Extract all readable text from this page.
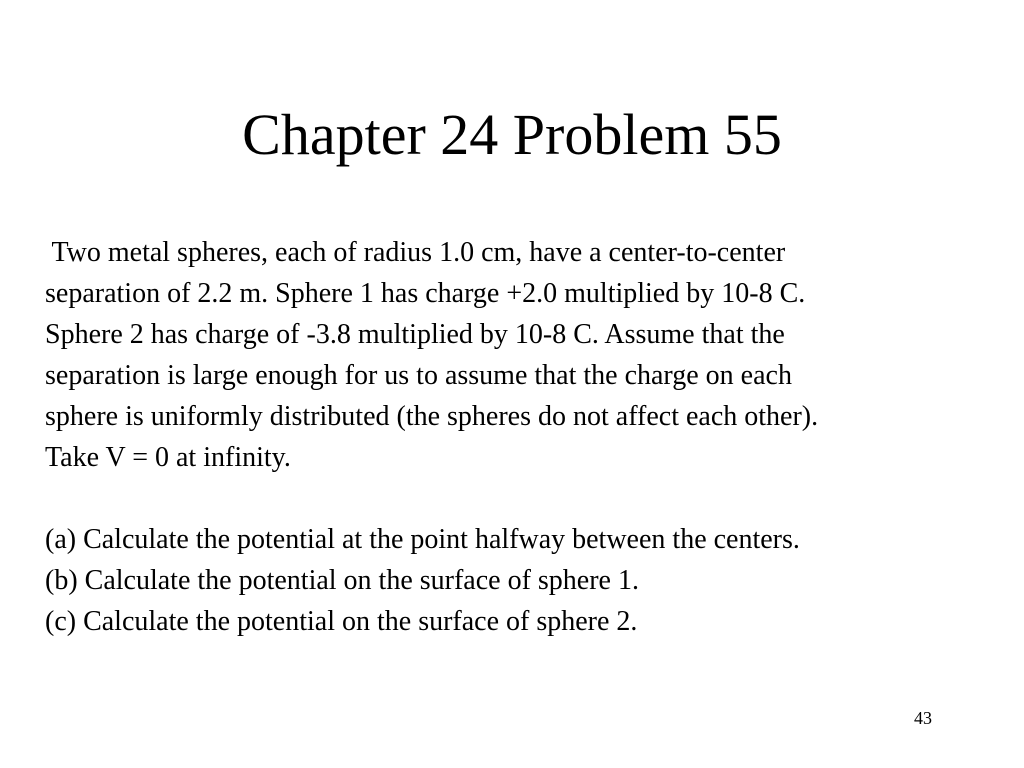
Chapter 24 Problem 55
Two metal spheres, each of radius 1.0 cm, have a center-to-center
separation of 2.2 m. Sphere 1 has charge +2.0 multiplied by 10-8 C.
Sphere 2 has charge of -3.8 multiplied by 10-8 C. Assume that the
separation is large enough for us to assume that the charge on each
sphere is uniformly distributed (the spheres do not affect each other).
Take V = 0 at infinity.
(a) Calculate the potential at the point halfway between the centers.
(b) Calculate the potential on the surface of sphere 1.
(c) Calculate the potential on the surface of sphere 2.
43
